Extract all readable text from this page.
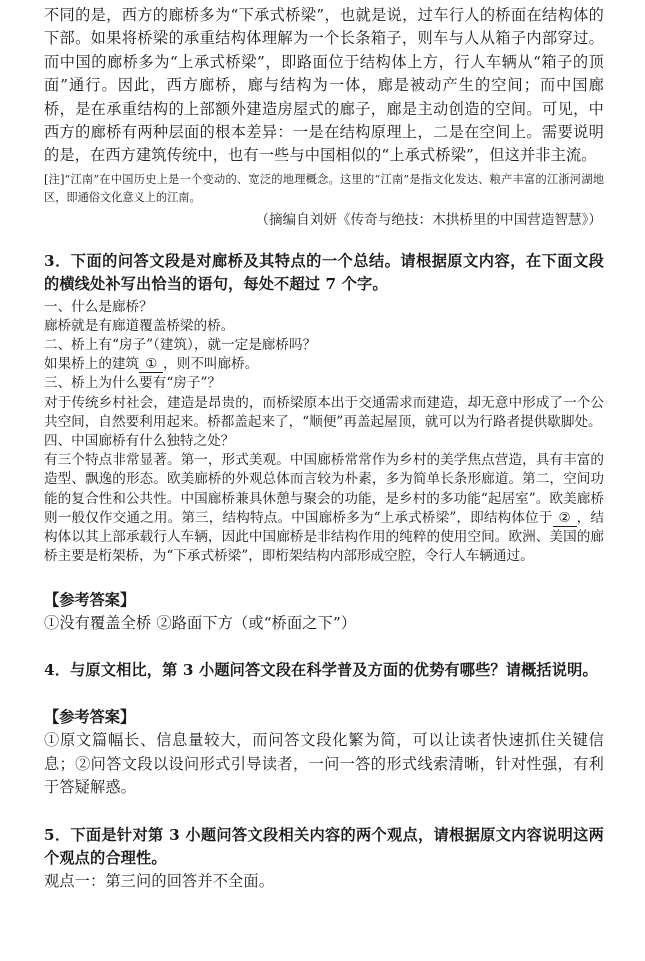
不同的是，西方的廊桥多为“下承式桥梁”，也就是说，过车行人的桥面在结构体的下部。如果将桥梁的承重结构体理解为一个长条箱子，则车与人从箱子内部穿过。而中国的廊桥多为“上承式桥梁”，即路面位于结构体上方，行人车辆从“箱子的顶面”通行。因此，西方廊桥，廊与结构为一体，廊是被动产生的空间；而中国廊桥，是在承重结构的上部额外建造房屋式的廊子，廊是主动创造的空间。可见，中西方的廊桥有两种层面的根本差异：一是在结构原理上，二是在空间上。需要说明的是，在西方建筑传统中，也有一些与中国相似的“上承式桥梁”，但这并非主流。

[注]“江南”在中国历史上是一个变动的、宽泛的地理概念。这里的“江南”是指文化发达、粮产丰富的江浙河湖地区，即通俗文化意义上的江南。

（摘编自刘妍《传奇与绝技：木拱桥里的中国营造智慧》）

3．下面的问答文段是对廊桥及其特点的一个总结。请根据原文内容，在下面文段的横线处补写出恰当的语句，每处不超过 7 个字。

一、什么是廊桥？

廊桥就是有廊道覆盖桥梁的桥。

二、桥上有“房子”（建筑），就一定是廊桥吗？

如果桥上的建筑 ① ，则不叫廊桥。

三、桥上为什么要有“房子”？

对于传统乡村社会，建造是昂贵的，而桥梁原本出于交通需求而建造，却无意中形成了一个公共空间，自然要利用起来。桥都盖起来了，“顺便”再盖起屋顶，就可以为行路者提供歇脚处。

四、中国廊桥有什么独特之处？

有三个特点非常显著。第一，形式美观。中国廊桥常常作为乡村的美学焦点营造，具有丰富的造型、飘逸的形态。欧美廊桥的外观总体而言较为朴素，多为简单长条形廊道。第二，空间功能的复合性和公共性。中国廊桥兼具休憩与聚会的功能，是乡村的多功能“起居室”。欧美廊桥则一般仅作交通之用。第三，结构特点。中国廊桥多为“上承式桥梁”，即结构体位于 ② ，结构体以其上部承载行人车辆，因此中国廊桥是非结构作用的纯粹的使用空间。欧洲、美国的廊桥主要是桁架桥，为“下承式桥梁”，即桁架结构内部形成空腔，令行人车辆通过。

【参考答案】

①没有覆盖全桥 ②路面下方（或“桥面之下”）

4．与原文相比，第 3 小题问答文段在科学普及方面的优势有哪些？请概括说明。

【参考答案】

①原文篇幅长、信息量较大，而问答文段化繁为简，可以让读者快速抓住关键信息；②问答文段以设问形式引导读者，一问一答的形式线索清晰，针对性强，有利于答疑解惑。

5．下面是针对第 3 小题问答文段相关内容的两个观点，请根据原文内容说明这两个观点的合理性。

观点一：第三问的回答并不全面。
